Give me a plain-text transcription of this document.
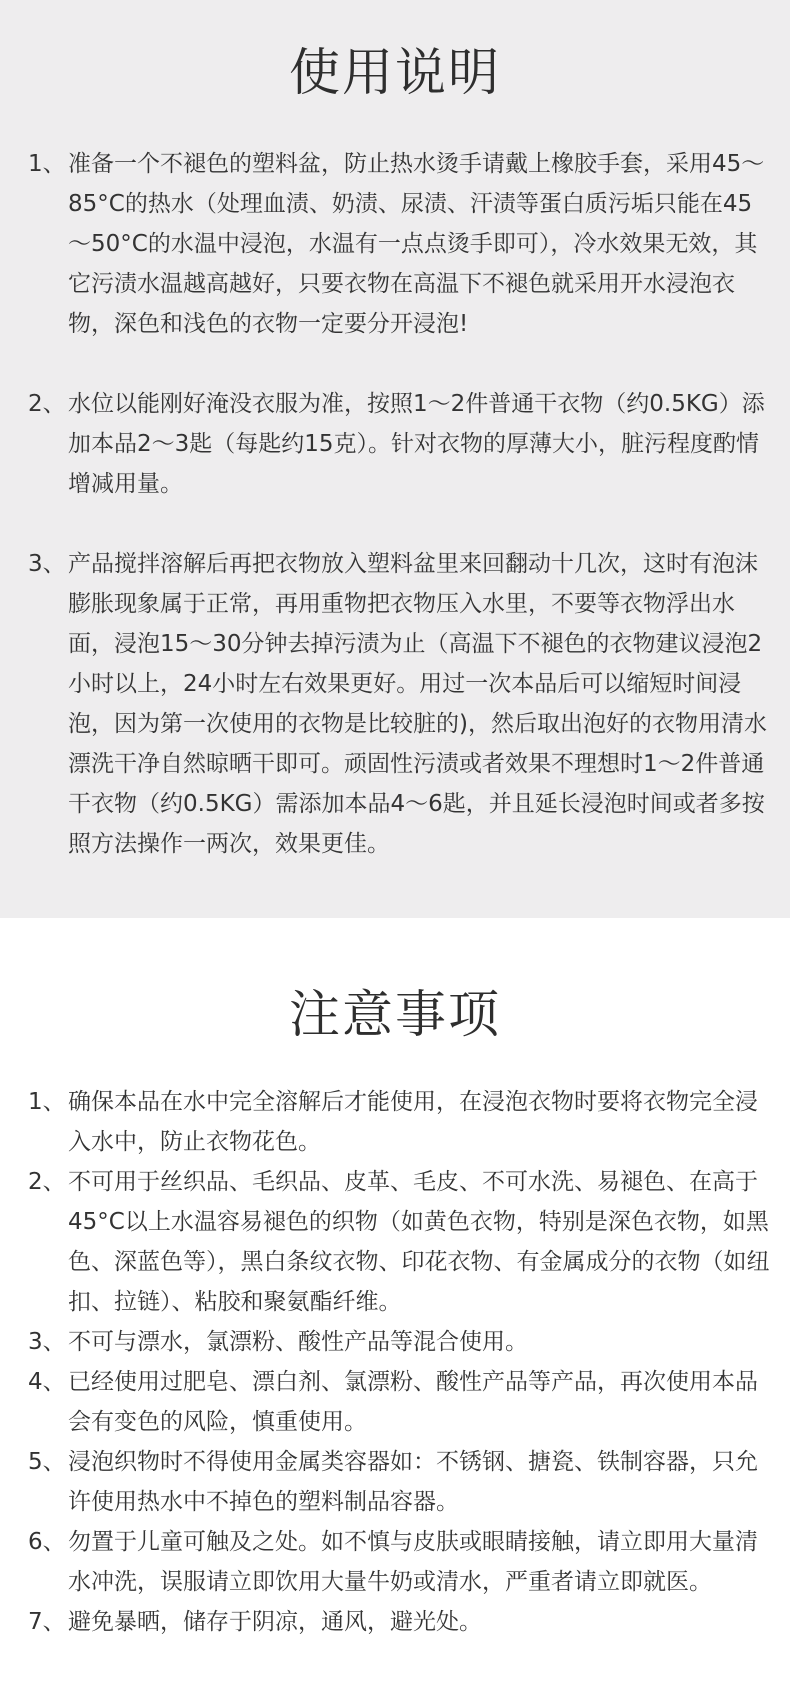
使用说明
1、 准备一个不褪色的塑料盆，防止热水烫手请戴上橡胶手套，采用45～85°C的热水（处理血渍、奶渍、尿渍、汗渍等蛋白质污垢只能在45～50°C的水温中浸泡，水温有一点点烫手即可），冷水效果无效，其它污渍水温越高越好，只要衣物在高温下不褪色就采用开水浸泡衣物，深色和浅色的衣物一定要分开浸泡!
2、 水位以能刚好淹没衣服为准，按照1～2件普通干衣物（约0.5KG）添加本品2～3匙（每匙约15克）。针对衣物的厚薄大小，脏污程度酌情增减用量。
3、 产品搅拌溶解后再把衣物放入塑料盆里来回翻动十几次，这时有泡沫膨胀现象属于正常，再用重物把衣物压入水里，不要等衣物浮出水面，浸泡15～30分钟去掉污渍为止（高温下不褪色的衣物建议浸泡2小时以上，24小时左右效果更好。用过一次本品后可以缩短时间浸泡，因为第一次使用的衣物是比较脏的)，然后取出泡好的衣物用清水漂洗干净自然晾晒干即可。顽固性污渍或者效果不理想时1～2件普通干衣物（约0.5KG）需添加本品4～6匙，并且延长浸泡时间或者多按照方法操作一两次，效果更佳。
注意事项
1、 确保本品在水中完全溶解后才能使用，在浸泡衣物时要将衣物完全浸入水中，防止衣物花色。
2、 不可用于丝织品、毛织品、皮革、毛皮、不可水洗、易褪色、在高于45°C以上水温容易褪色的织物（如黄色衣物，特别是深色衣物，如黑色、深蓝色等），黑白条纹衣物、印花衣物、有金属成分的衣物（如纽扣、拉链）、粘胶和聚氨酯纤维。
3、 不可与漂水，氯漂粉、酸性产品等混合使用。
4、 已经使用过肥皂、漂白剂、氯漂粉、酸性产品等产品，再次使用本品会有变色的风险，慎重使用。
5、 浸泡织物时不得使用金属类容器如：不锈钢、搪瓷、铁制容器，只允许使用热水中不掉色的塑料制品容器。
6、 勿置于儿童可触及之处。如不慎与皮肤或眼睛接触，请立即用大量清水冲洗，误服请立即饮用大量牛奶或清水，严重者请立即就医。
7、 避免暴晒，储存于阴凉，通风，避光处。
